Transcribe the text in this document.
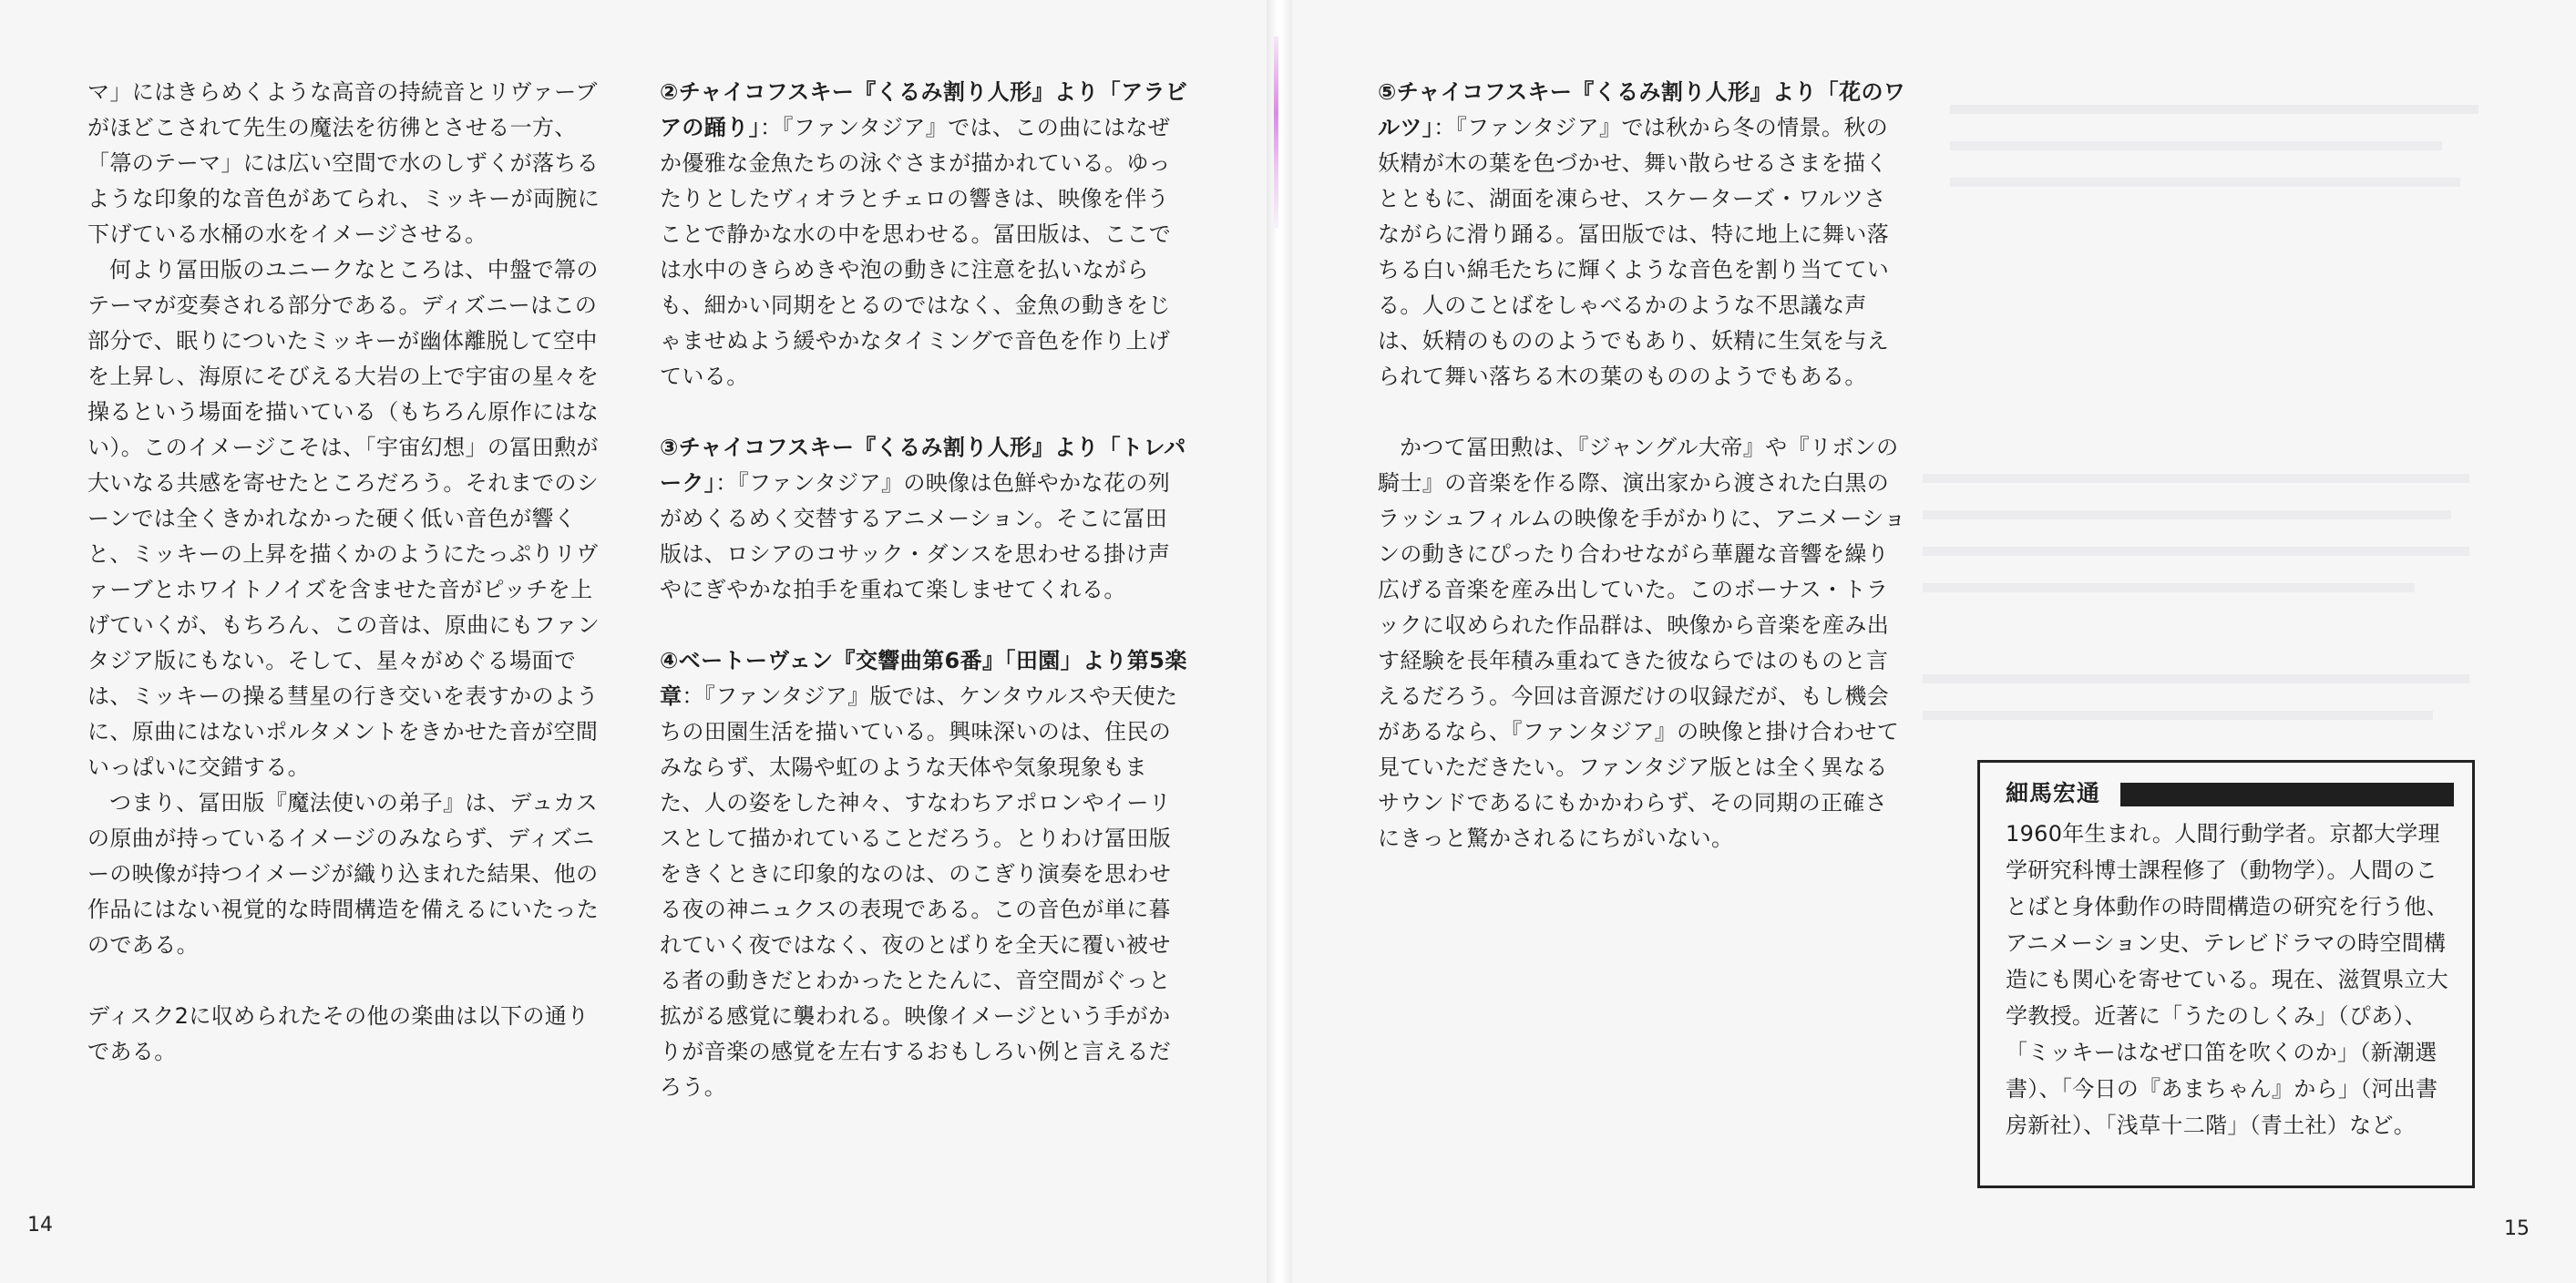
マ」にはきらめくような高音の持続音とリヴァーブがほどこされて先生の魔法を彷彿とさせる一方、「箒のテーマ」には広い空間で水のしずくが落ちるような印象的な音色があてられ、ミッキーが両腕に下げている水桶の水をイメージさせる。

何より冨田版のユニークなところは、中盤で箒のテーマが変奏される部分である。ディズニーはこの部分で、眠りについたミッキーが幽体離脱して空中を上昇し、海原にそびえる大岩の上で宇宙の星々を操るという場面を描いている（もちろん原作にはない）。このイメージこそは、「宇宙幻想」の冨田勲が大いなる共感を寄せたところだろう。それまでのシーンでは全くきかれなかった硬く低い音色が響くと、ミッキーの上昇を描くかのようにたっぷりリヴァーブとホワイトノイズを含ませた音がピッチを上げていくが、もちろん、この音は、原曲にもファンタジア版にもない。そして、星々がめぐる場面では、ミッキーの操る彗星の行き交いを表すかのように、原曲にはないポルタメントをきかせた音が空間いっぱいに交錯する。

つまり、冨田版『魔法使いの弟子』は、デュカスの原曲が持っているイメージのみならず、ディズニーの映像が持つイメージが織り込まれた結果、他の作品にはない視覚的な時間構造を備えるにいたったのである。

ディスク2に収められたその他の楽曲は以下の通りである。

②チャイコフスキー『くるみ割り人形』より「アラビアの踊り」：『ファンタジア』では、この曲にはなぜか優雅な金魚たちの泳ぐさまが描かれている。ゆったりとしたヴィオラとチェロの響きは、映像を伴うことで静かな水の中を思わせる。冨田版は、ここでは水中のきらめきや泡の動きに注意を払いながらも、細かい同期をとるのではなく、金魚の動きをじゃませぬよう緩やかなタイミングで音色を作り上げている。

③チャイコフスキー『くるみ割り人形』より「トレパーク」：『ファンタジア』の映像は色鮮やかな花の列がめくるめく交替するアニメーション。そこに冨田版は、ロシアのコサック・ダンスを思わせる掛け声やにぎやかな拍手を重ねて楽しませてくれる。

④ベートーヴェン『交響曲第6番』「田園」より第5楽章：『ファンタジア』版では、ケンタウルスや天使たちの田園生活を描いている。興味深いのは、住民のみならず、太陽や虹のような天体や気象現象もまた、人の姿をした神々、すなわちアポロンやイーリスとして描かれていることだろう。とりわけ冨田版をきくときに印象的なのは、のこぎり演奏を思わせる夜の神ニュクスの表現である。この音色が単に暮れていく夜ではなく、夜のとばりを全天に覆い被せる者の動きだとわかったとたんに、音空間がぐっと拡がる感覚に襲われる。映像イメージという手がかりが音楽の感覚を左右するおもしろい例と言えるだろう。

⑤チャイコフスキー『くるみ割り人形』より「花のワルツ」：『ファンタジア』では秋から冬の情景。秋の妖精が木の葉を色づかせ、舞い散らせるさまを描くとともに、湖面を凍らせ、スケーターズ・ワルツさながらに滑り踊る。冨田版では、特に地上に舞い落ちる白い綿毛たちに輝くような音色を割り当てている。人のことばをしゃべるかのような不思議な声は、妖精のもののようでもあり、妖精に生気を与えられて舞い落ちる木の葉のもののようでもある。

かつて冨田勲は、『ジャングル大帝』や『リボンの騎士』の音楽を作る際、演出家から渡された白黒のラッシュフィルムの映像を手がかりに、アニメーションの動きにぴったり合わせながら華麗な音響を繰り広げる音楽を産み出していた。このボーナス・トラックに収められた作品群は、映像から音楽を産み出す経験を長年積み重ねてきた彼ならではのものと言えるだろう。今回は音源だけの収録だが、もし機会があるなら、『ファンタジア』の映像と掛け合わせて見ていただきたい。ファンタジア版とは全く異なるサウンドであるにもかかわらず、その同期の正確さにきっと驚かされるにちがいない。

細馬宏通

1960年生まれ。人間行動学者。京都大学理学研究科博士課程修了（動物学）。人間のことばと身体動作の時間構造の研究を行う他、アニメーション史、テレビドラマの時空間構造にも関心を寄せている。現在、滋賀県立大学教授。近著に「うたのしくみ」（ぴあ）、「ミッキーはなぜ口笛を吹くのか」（新潮選書）、「今日の『あまちゃん』から」（河出書房新社）、「浅草十二階」（青土社）など。

14	15
